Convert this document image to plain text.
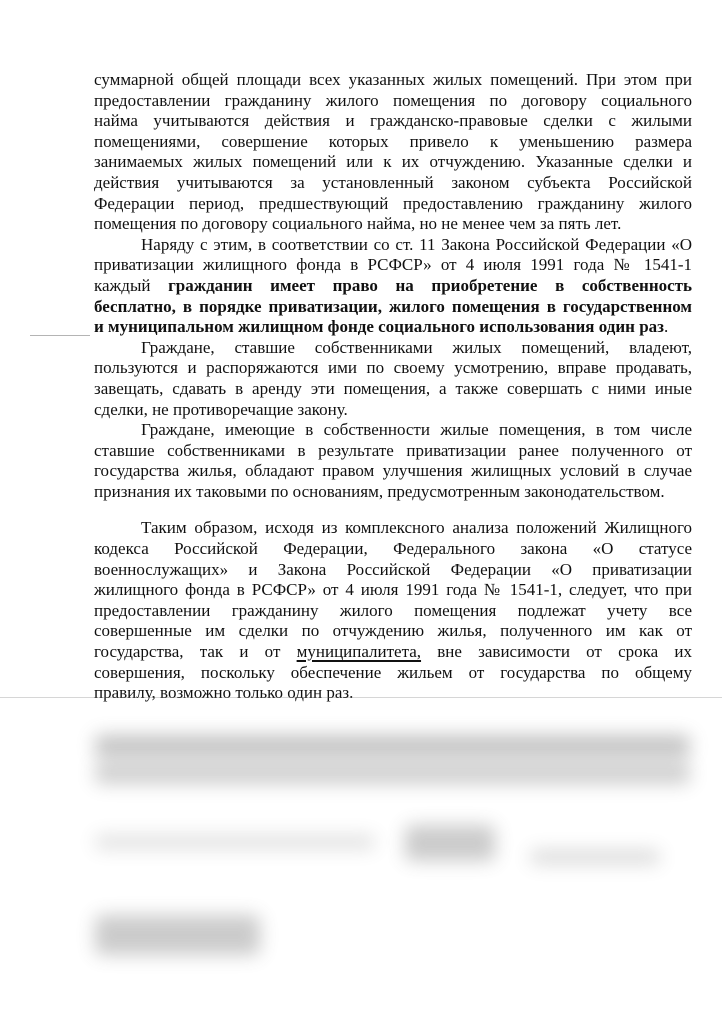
суммарной общей площади всех указанных жилых помещений. При этом при
предоставлении гражданину жилого помещения по договору социального
найма учитываются действия и гражданско-правовые сделки с жилыми
помещениями, совершение которых привело к уменьшению размера
занимаемых жилых помещений или к их отчуждению. Указанные сделки и
действия учитываются за установленный законом субъекта Российской
Федерации период, предшествующий предоставлению гражданину жилого
помещения по договору социального найма, но не менее чем за пять лет.
Наряду с этим, в соответствии со ст. 11 Закона Российской Федерации «О
приватизации жилищного фонда в РСФСР» от 4 июля 1991 года № 1541-1
каждый гражданин имеет право на приобретение в собственность
бесплатно, в порядке приватизации, жилого помещения в государственном
и муниципальном жилищном фонде социального использования один раз.
Граждане, ставшие собственниками жилых помещений, владеют,
пользуются и распоряжаются ими по своему усмотрению, вправе продавать,
завещать, сдавать в аренду эти помещения, а также совершать с ними иные
сделки, не противоречащие закону.
Граждане, имеющие в собственности жилые помещения, в том числе
ставшие собственниками в результате приватизации ранее полученного от
государства жилья, обладают правом улучшения жилищных условий в случае
признания их таковыми по основаниям, предусмотренным законодательством.
Таким образом, исходя из комплексного анализа положений Жилищного
кодекса Российской Федерации, Федерального закона «О статусе
военнослужащих» и Закона Российской Федерации «О приватизации
жилищного фонда в РСФСР» от 4 июля 1991 года № 1541-1, следует, что при
предоставлении гражданину жилого помещения подлежат учету все
совершенные им сделки по отчуждению жилья, полученного им как от
государства, так и от муниципалитета, вне зависимости от срока их
совершения, поскольку обеспечение жильем от государства по общему
правилу, возможно только один раз.
